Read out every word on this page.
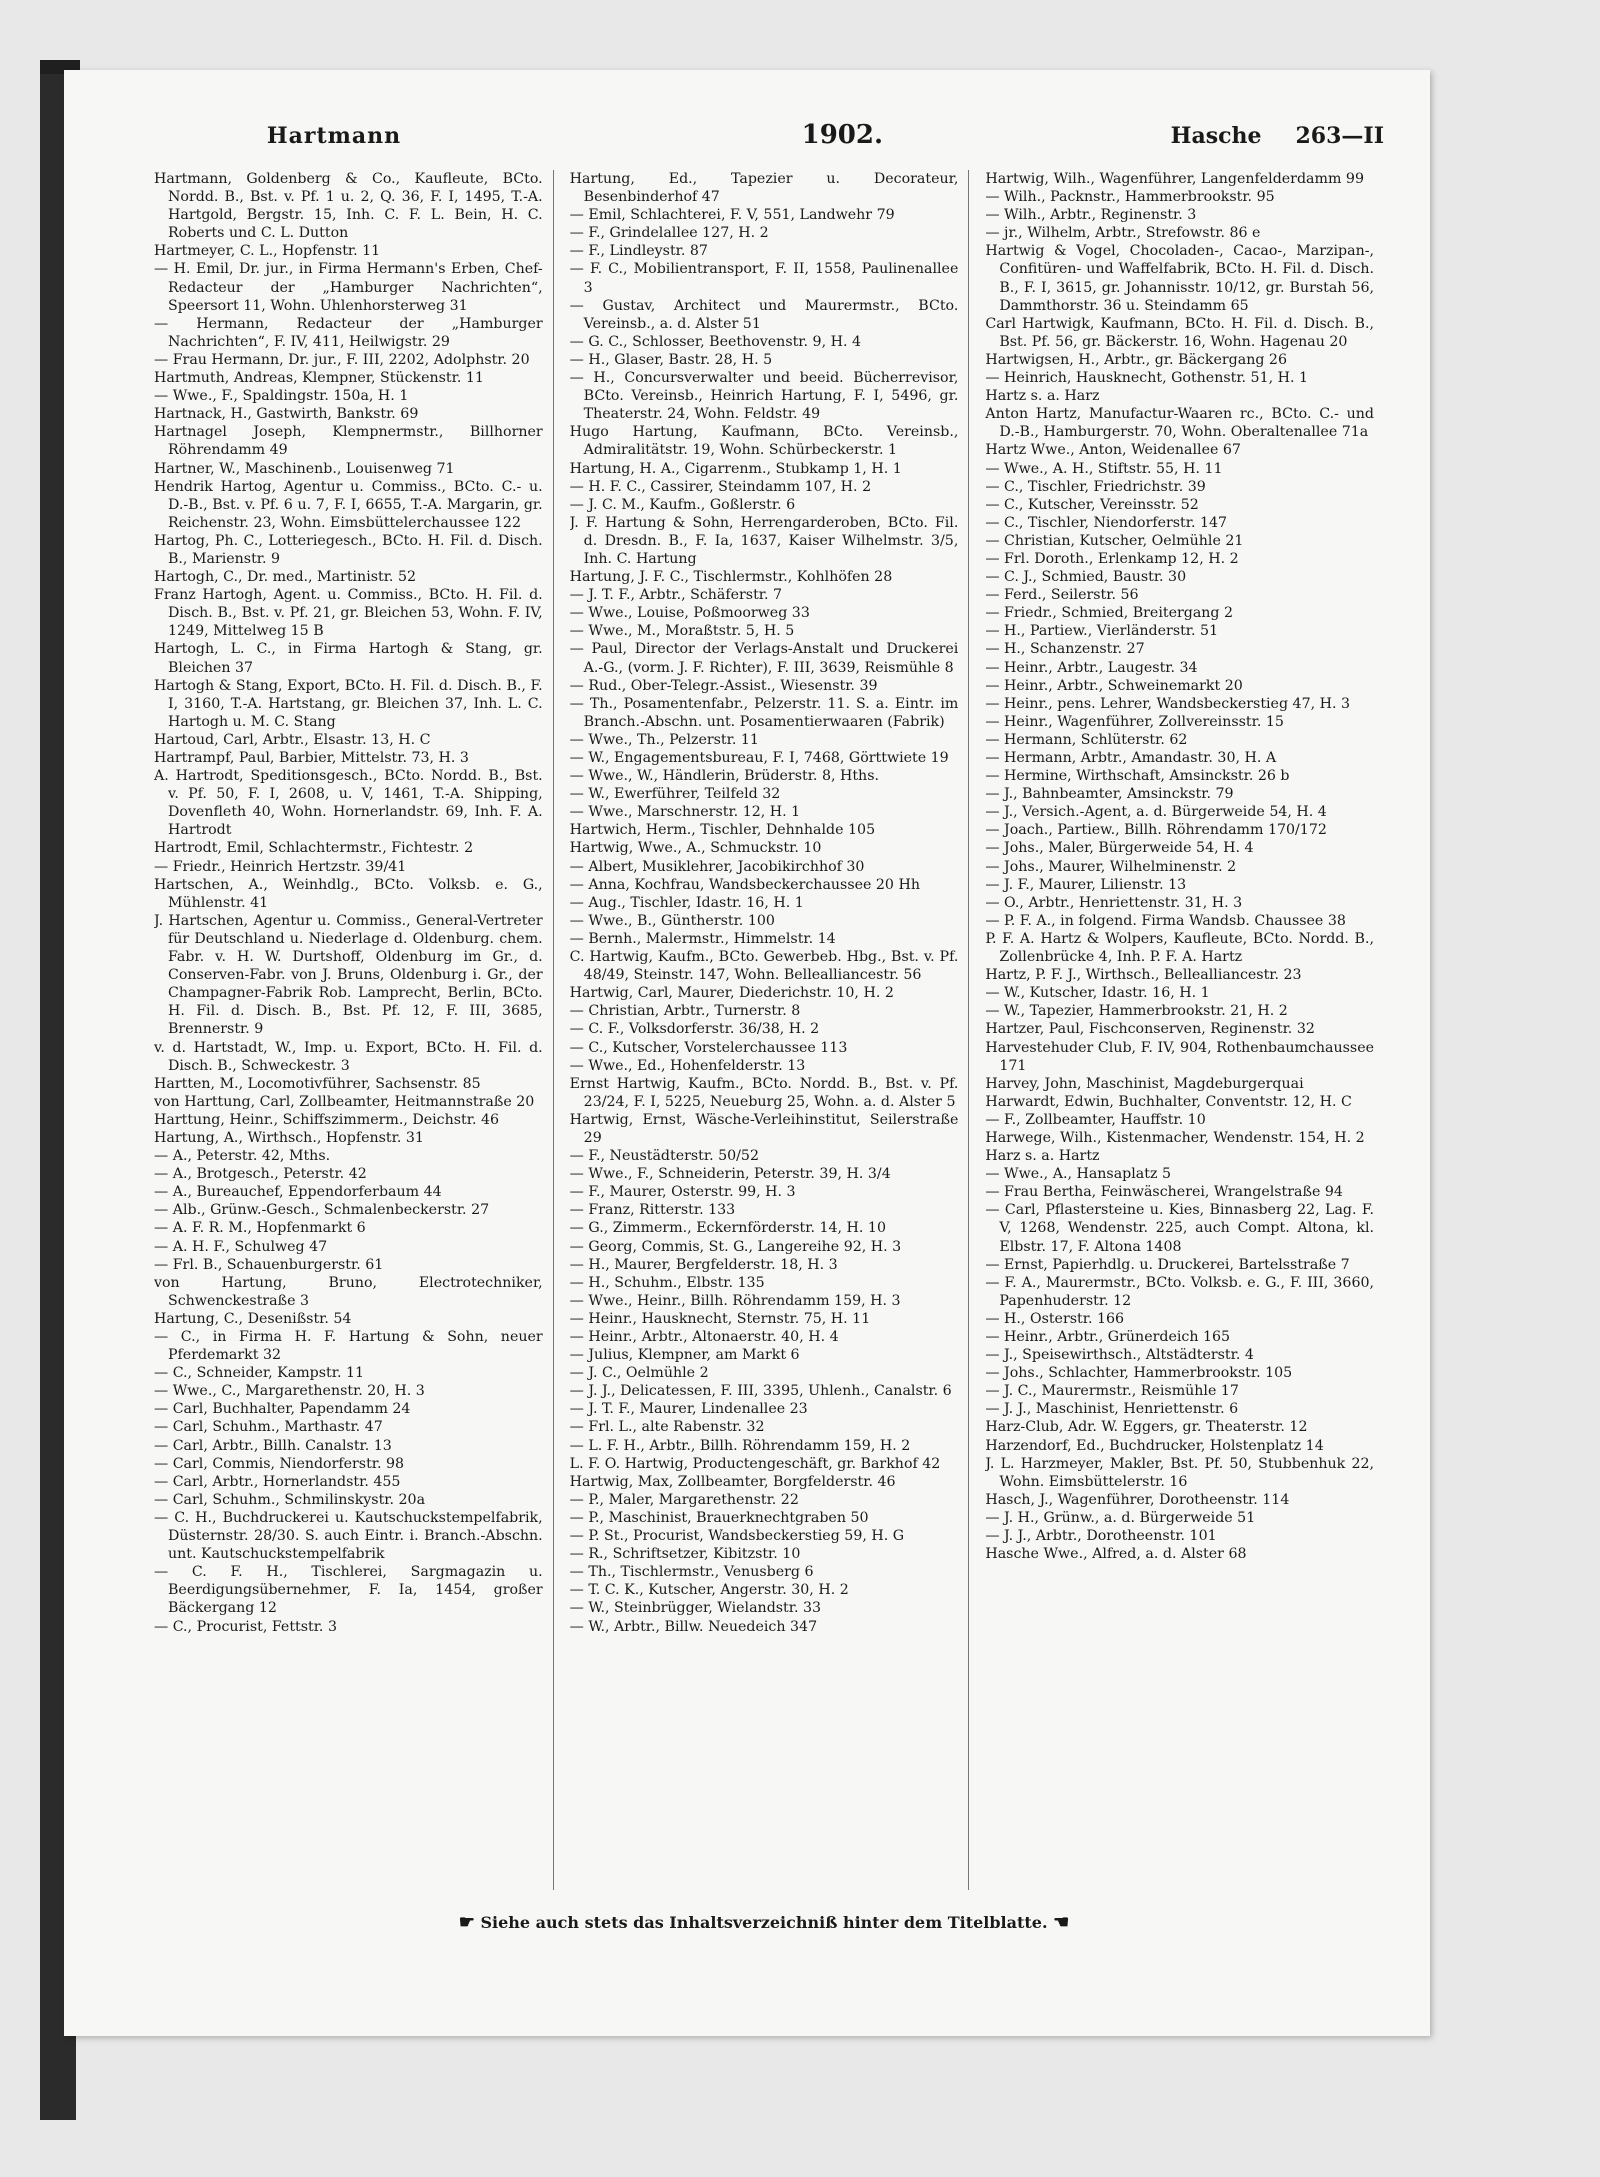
Hartmann	1902.	Hasche 263—II

Hartmann, Goldenberg & Co., Kaufleute, BCto. Nordd. B., Bst. v. Pf. 1 u. 2, Q. 36, F. I, 1495, T.-A. Hartgold, Bergstr. 15, Inh. C. F. L. Bein, H. C. Roberts und C. L. Dutton

Hartmeyer, C. L., Hopfenstr. 11

— H. Emil, Dr. jur., in Firma Hermann's Erben, Chef-Redacteur der „Hamburger Nachrichten“, Speersort 11, Wohn. Uhlenhorsterweg 31

— Hermann, Redacteur der „Hamburger Nachrichten“, F. IV, 411, Heilwigstr. 29

— Frau Hermann, Dr. jur., F. III, 2202, Adolphstr. 20

Hartmuth, Andreas, Klempner, Stückenstr. 11

— Wwe., F., Spaldingstr. 150a, H. 1

Hartnack, H., Gastwirth, Bankstr. 69

Hartnagel Joseph, Klempnermstr., Billhorner Röhrendamm 49

Hartner, W., Maschinenb., Louisenweg 71

Hendrik Hartog, Agentur u. Commiss., BCto. C.- u. D.-B., Bst. v. Pf. 6 u. 7, F. I, 6655, T.-A. Margarin, gr. Reichenstr. 23, Wohn. Eimsbüttelerchaussee 122

Hartog, Ph. C., Lotteriegesch., BCto. H. Fil. d. Disch. B., Marienstr. 9

Hartogh, C., Dr. med., Martinistr. 52

Franz Hartogh, Agent. u. Commiss., BCto. H. Fil. d. Disch. B., Bst. v. Pf. 21, gr. Bleichen 53, Wohn. F. IV, 1249, Mittelweg 15 B

Hartogh, L. C., in Firma Hartogh & Stang, gr. Bleichen 37

Hartogh & Stang, Export, BCto. H. Fil. d. Disch. B., F. I, 3160, T.-A. Hartstang, gr. Bleichen 37, Inh. L. C. Hartogh u. M. C. Stang

Hartoud, Carl, Arbtr., Elsastr. 13, H. C

Hartrampf, Paul, Barbier, Mittelstr. 73, H. 3

A. Hartrodt, Speditionsgesch., BCto. Nordd. B., Bst. v. Pf. 50, F. I, 2608, u. V, 1461, T.-A. Shipping, Dovenfleth 40, Wohn. Hornerlandstr. 69, Inh. F. A. Hartrodt

Hartrodt, Emil, Schlachtermstr., Fichtestr. 2

— Friedr., Heinrich Hertzstr. 39/41

Hartschen, A., Weinhdlg., BCto. Volksb. e. G., Mühlenstr. 41

J. Hartschen, Agentur u. Commiss., General-Vertreter für Deutschland u. Niederlage d. Oldenburg. chem. Fabr. v. H. W. Durtshoff, Oldenburg im Gr., d. Conserven-Fabr. von J. Bruns, Oldenburg i. Gr., der Champagner-Fabrik Rob. Lamprecht, Berlin, BCto. H. Fil. d. Disch. B., Bst. Pf. 12, F. III, 3685, Brennerstr. 9

v. d. Hartstadt, W., Imp. u. Export, BCto. H. Fil. d. Disch. B., Schweckestr. 3

Hartten, M., Locomotivführer, Sachsenstr. 85

von Harttung, Carl, Zollbeamter, Heitmannstraße 20

Harttung, Heinr., Schiffszimmerm., Deichstr. 46

Hartung, A., Wirthsch., Hopfenstr. 31

— A., Peterstr. 42, Mths.

— A., Brotgesch., Peterstr. 42

— A., Bureauchef, Eppendorferbaum 44

— Alb., Grünw.-Gesch., Schmalenbeckerstr. 27

— A. F. R. M., Hopfenmarkt 6

— A. H. F., Schulweg 47

— Frl. B., Schauenburgerstr. 61

von Hartung, Bruno, Electrotechniker, Schwenckestraße 3

Hartung, C., Desenißstr. 54

— C., in Firma H. F. Hartung & Sohn, neuer Pferdemarkt 32

— C., Schneider, Kampstr. 11

— Wwe., C., Margarethenstr. 20, H. 3

— Carl, Buchhalter, Papendamm 24

— Carl, Schuhm., Marthastr. 47

— Carl, Arbtr., Billh. Canalstr. 13

— Carl, Commis, Niendorferstr. 98

— Carl, Arbtr., Hornerlandstr. 455

— Carl, Schuhm., Schmilinskystr. 20a

— C. H., Buchdruckerei u. Kautschuckstempelfabrik, Düsternstr. 28/30. S. auch Eintr. i. Branch.-Abschn. unt. Kautschuckstempelfabrik

— C. F. H., Tischlerei, Sargmagazin u. Beerdigungsübernehmer, F. Ia, 1454, großer Bäckergang 12

— C., Procurist, Fettstr. 3

Hartung, Ed., Tapezier u. Decorateur, Besenbinderhof 47

— Emil, Schlachterei, F. V, 551, Landwehr 79

— F., Grindelallee 127, H. 2

— F., Lindleystr. 87

— F. C., Mobilientransport, F. II, 1558, Paulinenallee 3

— Gustav, Architect und Maurermstr., BCto. Vereinsb., a. d. Alster 51

— G. C., Schlosser, Beethovenstr. 9, H. 4

— H., Glaser, Bastr. 28, H. 5

— H., Concursverwalter und beeid. Bücherrevisor, BCto. Vereinsb., Heinrich Hartung, F. I, 5496, gr. Theaterstr. 24, Wohn. Feldstr. 49

Hugo Hartung, Kaufmann, BCto. Vereinsb., Admiralitätstr. 19, Wohn. Schürbeckerstr. 1

Hartung, H. A., Cigarrenm., Stubkamp 1, H. 1

— H. F. C., Cassirer, Steindamm 107, H. 2

— J. C. M., Kaufm., Goßlerstr. 6

J. F. Hartung & Sohn, Herrengarderoben, BCto. Fil. d. Dresdn. B., F. Ia, 1637, Kaiser Wilhelmstr. 3/5, Inh. C. Hartung

Hartung, J. F. C., Tischlermstr., Kohlhöfen 28

— J. T. F., Arbtr., Schäferstr. 7

— Wwe., Louise, Poßmoorweg 33

— Wwe., M., Moraßtstr. 5, H. 5

— Paul, Director der Verlags-Anstalt und Druckerei A.-G., (vorm. J. F. Richter), F. III, 3639, Reismühle 8

— Rud., Ober-Telegr.-Assist., Wiesenstr. 39

— Th., Posamentenfabr., Pelzerstr. 11. S. a. Eintr. im Branch.-Abschn. unt. Posamentierwaaren (Fabrik)

— Wwe., Th., Pelzerstr. 11

— W., Engagementsbureau, F. I, 7468, Görttwiete 19

— Wwe., W., Händlerin, Brüderstr. 8, Hths.

— W., Ewerführer, Teilfeld 32

— Wwe., Marschnerstr. 12, H. 1

Hartwich, Herm., Tischler, Dehnhalde 105

Hartwig, Wwe., A., Schmuckstr. 10

— Albert, Musiklehrer, Jacobikirchhof 30

— Anna, Kochfrau, Wandsbeckerchaussee 20 Hh

— Aug., Tischler, Idastr. 16, H. 1

— Wwe., B., Güntherstr. 100

— Bernh., Malermstr., Himmelstr. 14

C. Hartwig, Kaufm., BCto. Gewerbeb. Hbg., Bst. v. Pf. 48/49, Steinstr. 147, Wohn. Bellealliancestr. 56

Hartwig, Carl, Maurer, Diederichstr. 10, H. 2

— Christian, Arbtr., Turnerstr. 8

— C. F., Volksdorferstr. 36/38, H. 2

— C., Kutscher, Vorstelerchaussee 113

— Wwe., Ed., Hohenfelderstr. 13

Ernst Hartwig, Kaufm., BCto. Nordd. B., Bst. v. Pf. 23/24, F. I, 5225, Neueburg 25, Wohn. a. d. Alster 5

Hartwig, Ernst, Wäsche-Verleihinstitut, Seilerstraße 29

— F., Neustädterstr. 50/52

— Wwe., F., Schneiderin, Peterstr. 39, H. 3/4

— F., Maurer, Osterstr. 99, H. 3

— Franz, Ritterstr. 133

— G., Zimmerm., Eckernförderstr. 14, H. 10

— Georg, Commis, St. G., Langereihe 92, H. 3

— H., Maurer, Bergfelderstr. 18, H. 3

— H., Schuhm., Elbstr. 135

— Wwe., Heinr., Billh. Röhrendamm 159, H. 3

— Heinr., Hausknecht, Sternstr. 75, H. 11

— Heinr., Arbtr., Altonaerstr. 40, H. 4

— Julius, Klempner, am Markt 6

— J. C., Oelmühle 2

— J. J., Delicatessen, F. III, 3395, Uhlenh., Canalstr. 6

— J. T. F., Maurer, Lindenallee 23

— Frl. L., alte Rabenstr. 32

— L. F. H., Arbtr., Billh. Röhrendamm 159, H. 2

L. F. O. Hartwig, Productengeschäft, gr. Barkhof 42

Hartwig, Max, Zollbeamter, Borgfelderstr. 46

— P., Maler, Margarethenstr. 22

— P., Maschinist, Brauerknechtgraben 50

— P. St., Procurist, Wandsbeckerstieg 59, H. G

— R., Schriftsetzer, Kibitzstr. 10

— Th., Tischlermstr., Venusberg 6

— T. C. K., Kutscher, Angerstr. 30, H. 2

— W., Steinbrügger, Wielandstr. 33

— W., Arbtr., Billw. Neuedeich 347

Hartwig, Wilh., Wagenführer, Langenfelderdamm 99

— Wilh., Packnstr., Hammerbrookstr. 95

— Wilh., Arbtr., Reginenstr. 3

— jr., Wilhelm, Arbtr., Strefowstr. 86 e

Hartwig & Vogel, Chocoladen-, Cacao-, Marzipan-, Confitüren- und Waffelfabrik, BCto. H. Fil. d. Disch. B., F. I, 3615, gr. Johannisstr. 10/12, gr. Burstah 56, Dammthorstr. 36 u. Steindamm 65

Carl Hartwigk, Kaufmann, BCto. H. Fil. d. Disch. B., Bst. Pf. 56, gr. Bäckerstr. 16, Wohn. Hagenau 20

Hartwigsen, H., Arbtr., gr. Bäckergang 26

— Heinrich, Hausknecht, Gothenstr. 51, H. 1

Hartz s. a. Harz

Anton Hartz, Manufactur-Waaren rc., BCto. C.- und D.-B., Hamburgerstr. 70, Wohn. Oberaltenallee 71a

Hartz Wwe., Anton, Weidenallee 67

— Wwe., A. H., Stiftstr. 55, H. 11

— C., Tischler, Friedrichstr. 39

— C., Kutscher, Vereinsstr. 52

— C., Tischler, Niendorferstr. 147

— Christian, Kutscher, Oelmühle 21

— Frl. Doroth., Erlenkamp 12, H. 2

— C. J., Schmied, Baustr. 30

— Ferd., Seilerstr. 56

— Friedr., Schmied, Breitergang 2

— H., Partiew., Vierländerstr. 51

— H., Schanzenstr. 27

— Heinr., Arbtr., Laugestr. 34

— Heinr., Arbtr., Schweinemarkt 20

— Heinr., pens. Lehrer, Wandsbeckerstieg 47, H. 3

— Heinr., Wagenführer, Zollvereinsstr. 15

— Hermann, Schlüterstr. 62

— Hermann, Arbtr., Amandastr. 30, H. A

— Hermine, Wirthschaft, Amsinckstr. 26 b

— J., Bahnbeamter, Amsinckstr. 79

— J., Versich.-Agent, a. d. Bürgerweide 54, H. 4

— Joach., Partiew., Billh. Röhrendamm 170/172

— Johs., Maler, Bürgerweide 54, H. 4

— Johs., Maurer, Wilhelminenstr. 2

— J. F., Maurer, Lilienstr. 13

— O., Arbtr., Henriettenstr. 31, H. 3

— P. F. A., in folgend. Firma Wandsb. Chaussee 38

P. F. A. Hartz & Wolpers, Kaufleute, BCto. Nordd. B., Zollenbrücke 4, Inh. P. F. A. Hartz

Hartz, P. F. J., Wirthsch., Bellealliancestr. 23

— W., Kutscher, Idastr. 16, H. 1

— W., Tapezier, Hammerbrookstr. 21, H. 2

Hartzer, Paul, Fischconserven, Reginenstr. 32

Harvestehuder Club, F. IV, 904, Rothenbaumchaussee 171

Harvey, John, Maschinist, Magdeburgerquai

Harwardt, Edwin, Buchhalter, Conventstr. 12, H. C

— F., Zollbeamter, Hauffstr. 10

Harwege, Wilh., Kistenmacher, Wendenstr. 154, H. 2

Harz s. a. Hartz

— Wwe., A., Hansaplatz 5

— Frau Bertha, Feinwäscherei, Wrangelstraße 94

— Carl, Pflastersteine u. Kies, Binnasberg 22, Lag. F. V, 1268, Wendenstr. 225, auch Compt. Altona, kl. Elbstr. 17, F. Altona 1408

— Ernst, Papierhdlg. u. Druckerei, Bartelsstraße 7

— F. A., Maurermstr., BCto. Volksb. e. G., F. III, 3660, Papenhuderstr. 12

— H., Osterstr. 166

— Heinr., Arbtr., Grünerdeich 165

— J., Speisewirthsch., Altstädterstr. 4

— Johs., Schlachter, Hammerbrookstr. 105

— J. C., Maurermstr., Reismühle 17

— J. J., Maschinist, Henriettenstr. 6

Harz-Club, Adr. W. Eggers, gr. Theaterstr. 12

Harzendorf, Ed., Buchdrucker, Holstenplatz 14

J. L. Harzmeyer, Makler, Bst. Pf. 50, Stubbenhuk 22, Wohn. Eimsbüttelerstr. 16

Hasch, J., Wagenführer, Dorotheenstr. 114

— J. H., Grünw., a. d. Bürgerweide 51

— J. J., Arbtr., Dorotheenstr. 101

Hasche Wwe., Alfred, a. d. Alster 68

☛ Siehe auch stets das Inhaltsverzeichniß hinter dem Titelblatte. ☚
